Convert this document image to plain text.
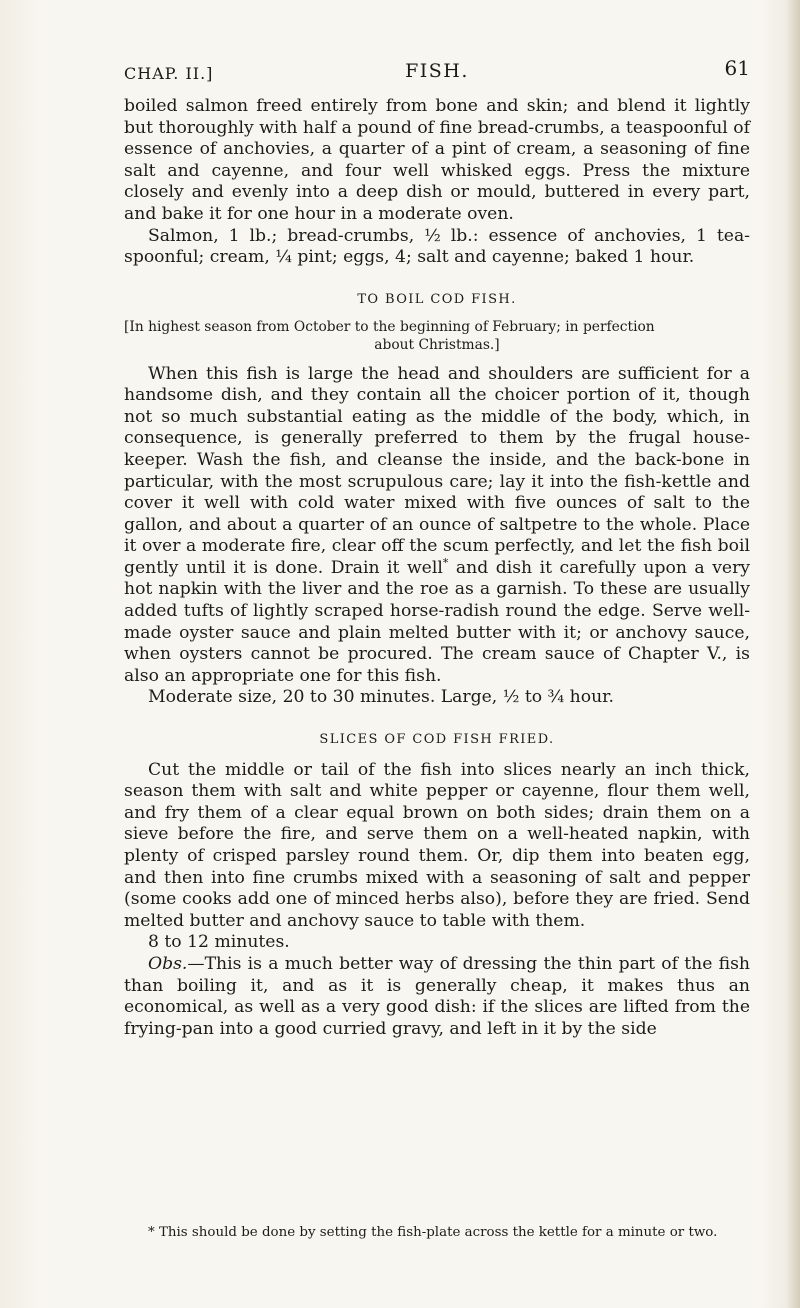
CHAP. II.]	FISH.	61

boiled salmon freed entirely from bone and skin; and blend it lightly but thoroughly with half a pound of fine bread-crumbs, a teaspoonful of essence of anchovies, a quarter of a pint of cream, a seasoning of fine salt and cayenne, and four well whisked eggs. Press the mixture closely and evenly into a deep dish or mould, buttered in every part, and bake it for one hour in a moderate oven.

Salmon, 1 lb.; bread-crumbs, ½ lb.: essence of anchovies, 1 tea-spoonful; cream, ¼ pint; eggs, 4; salt and cayenne; baked 1 hour.

TO BOIL COD FISH.

[In highest season from October to the beginning of February; in perfection

about Christmas.]

When this fish is large the head and shoulders are sufficient for a handsome dish, and they contain all the choicer portion of it, though not so much substantial eating as the middle of the body, which, in consequence, is generally preferred to them by the frugal house-keeper. Wash the fish, and cleanse the inside, and the back-bone in particular, with the most scrupulous care; lay it into the fish-kettle and cover it well with cold water mixed with five ounces of salt to the gallon, and about a quarter of an ounce of saltpetre to the whole. Place it over a moderate fire, clear off the scum perfectly, and let the fish boil gently until it is done. Drain it well* and dish it carefully upon a very hot napkin with the liver and the roe as a garnish. To these are usually added tufts of lightly scraped horse-radish round the edge. Serve well-made oyster sauce and plain melted butter with it; or anchovy sauce, when oysters cannot be procured. The cream sauce of Chapter V., is also an appropriate one for this fish.

Moderate size, 20 to 30 minutes. Large, ½ to ¾ hour.

SLICES OF COD FISH FRIED.

Cut the middle or tail of the fish into slices nearly an inch thick, season them with salt and white pepper or cayenne, flour them well, and fry them of a clear equal brown on both sides; drain them on a sieve before the fire, and serve them on a well-heated napkin, with plenty of crisped parsley round them. Or, dip them into beaten egg, and then into fine crumbs mixed with a seasoning of salt and pepper (some cooks add one of minced herbs also), before they are fried. Send melted butter and anchovy sauce to table with them.

8 to 12 minutes.

Obs.—This is a much better way of dressing the thin part of the fish than boiling it, and as it is generally cheap, it makes thus an economical, as well as a very good dish: if the slices are lifted from the frying-pan into a good curried gravy, and left in it by the side

* This should be done by setting the fish-plate across the kettle for a minute or two.
